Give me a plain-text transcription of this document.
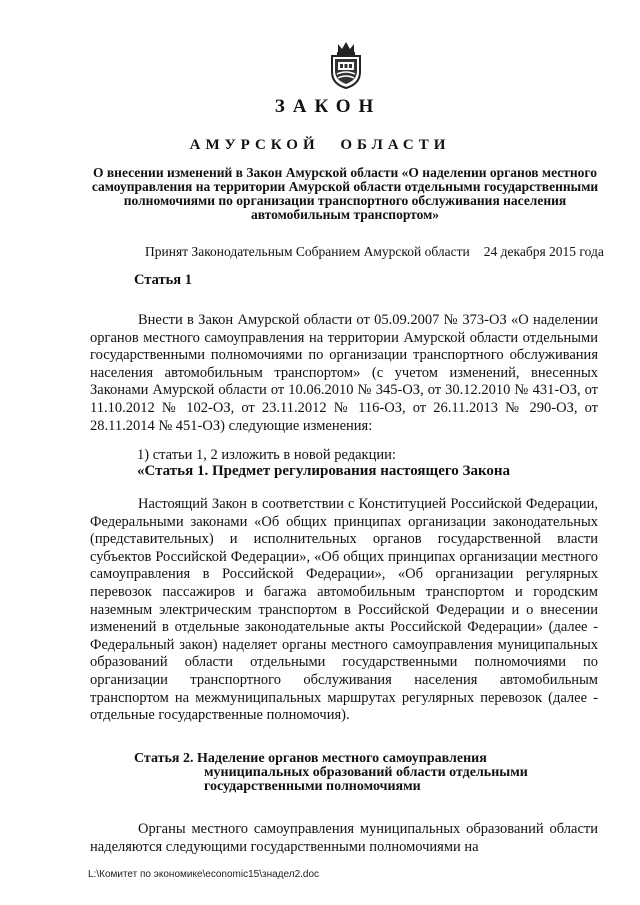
ЗАКОН
АМУРСКОЙ ОБЛАСТИ
О внесении изменений в Закон Амурской области «О наделении органов местного самоуправления на территории Амурской области отдельными государственными полномочиями по организации транспортного обслуживания населения автомобильным транспортом»
Принят Законодательным Собранием Амурской области 24 декабря 2015 года
Статья 1
Внести в Закон Амурской области от 05.09.2007 № 373-ОЗ «О наделении органов местного самоуправления на территории Амурской области отдельными государственными полномочиями по организации транспортного обслуживания населения автомобильным транспортом» (с учетом изменений, внесенных Законами Амурской области от 10.06.2010 № 345-ОЗ, от 30.12.2010 № 431-ОЗ, от 11.10.2012 № 102-ОЗ, от 23.11.2012 № 116-ОЗ, от 26.11.2013 № 290-ОЗ, от 28.11.2014 № 451-ОЗ) следующие изменения:
1) статьи 1, 2 изложить в новой редакции:
«Статья 1. Предмет регулирования настоящего Закона
Настоящий Закон в соответствии с Конституцией Российской Федерации, Федеральными законами «Об общих принципах организации законодательных (представительных) и исполнительных органов государственной власти субъектов Российской Федерации», «Об общих принципах организации местного самоуправления в Российской Федерации», «Об организации регулярных перевозок пассажиров и багажа автомобильным транспортом и городским наземным электрическим транспортом в Российской Федерации и о внесении изменений в отдельные законодательные акты Российской Федерации» (далее - Федеральный закон) наделяет органы местного самоуправления муниципальных образований области отдельными государственными полномочиями по организации транспортного обслуживания населения автомобильным транспортом на межмуниципальных маршрутах регулярных перевозок (далее - отдельные государственные полномочия).
Статья 2. Наделение органов местного самоуправления
муниципальных образований области отдельными
государственными полномочиями
Органы местного самоуправления муниципальных образований области наделяются следующими государственными полномочиями на
L:\Комитет по экономике\economic15\знадел2.doc
